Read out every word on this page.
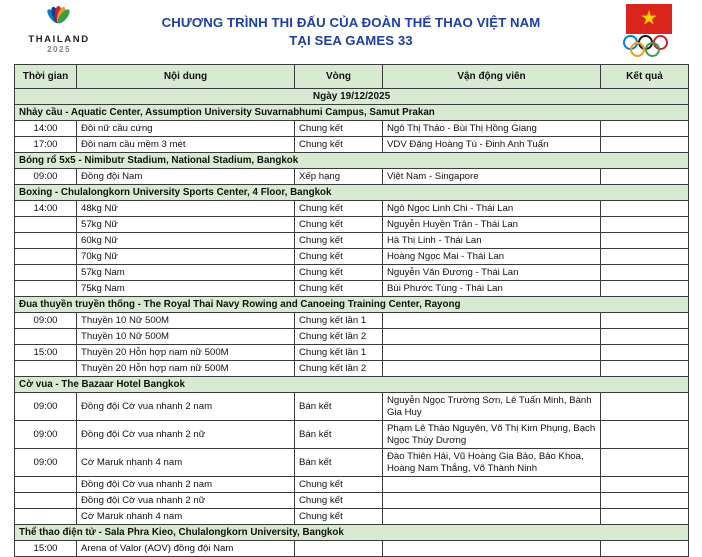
THAILAND
2025
CHƯƠNG TRÌNH THI ĐẤU CỦA ĐOÀN THỂ THAO VIỆT NAM
TẠI SEA GAMES 33
★
Thời gian	Nội dung	Vòng	Vận động viên	Kết quả
Ngày 19/12/2025				
Nhảy cầu - Aquatic Center, Assumption University Suvarnabhumi Campus, Samut Prakan				
14:00	Đôi nữ cầu cứng	Chung kết	Ngô Thị Thảo - Bùi Thị Hồng Giang	
17:00	Đôi nam cầu mềm 3 mét	Chung kết	VDV Đặng Hoàng Tú - Đinh Anh Tuấn	
Bóng rổ 5x5 - Nimibutr Stadium, National Stadium, Bangkok				
09:00	Đồng đội Nam	Xếp hạng	Việt Nam - Singapore	
Boxing - Chulalongkorn University Sports Center, 4 Floor, Bangkok				
14:00	48kg Nữ	Chung kết	Ngô Ngọc Linh Chi - Thái Lan	
	57kg Nữ	Chung kết	Nguyễn Huyền Trân - Thái Lan	
	60kg Nữ	Chung kết	Hà Thị Linh - Thái Lan	
	70kg Nữ	Chung kết	Hoàng Ngọc Mai - Thái Lan	
	57kg Nam	Chung kết	Nguyễn Văn Đương - Thái Lan	
	75kg Nam	Chung kết	Bùi Phước Tùng - Thái Lan	
Đua thuyền truyền thống - The Royal Thai Navy Rowing and Canoeing Training Center, Rayong				
09:00	Thuyền 10 Nữ 500M	Chung kết lần 1		
	Thuyền 10 Nữ 500M	Chung kết lần 2		
15:00	Thuyền 20 Hỗn hợp nam nữ 500M	Chung kết lần 1		
	Thuyền 20 Hỗn hợp nam nữ 500M	Chung kết lần 2		
Cờ vua - The Bazaar Hotel Bangkok				
09:00	Đồng đội Cờ vua nhanh 2 nam	Bán kết	Nguyễn Ngọc Trường Sơn, Lê Tuấn Minh, Bành Gia Huy	
09:00	Đồng đội Cờ vua nhanh 2 nữ	Bán kết	Phạm Lê Thảo Nguyên, Võ Thị Kim Phụng, Bạch Ngọc Thùy Dương	
09:00	Cờ Maruk nhanh 4 nam	Bán kết	Đào Thiên Hải, Vũ Hoàng Gia Bảo, Bảo Khoa, Hoàng Nam Thắng, Võ Thành Ninh	
	Đồng đội Cờ vua nhanh 2 nam	Chung kết		
	Đồng đội Cờ vua nhanh 2 nữ	Chung kết		
	Cờ Maruk nhanh 4 nam	Chung kết		
Thể thao điện tử - Sala Phra Kieo, Chulalongkorn University, Bangkok				
15:00	Arena of Valor (AOV) đồng đội Nam			
